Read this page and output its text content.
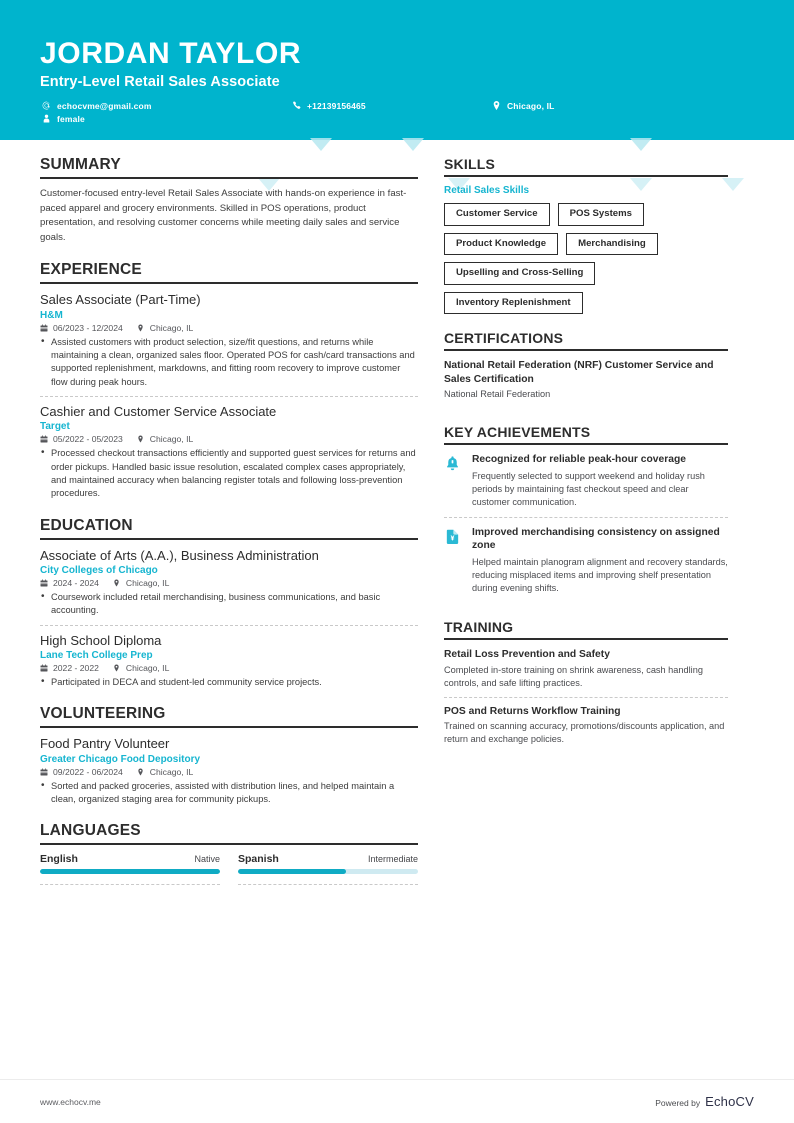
JORDAN TAYLOR
Entry-Level Retail Sales Associate
echocvme@gmail.com	+12139156465	Chicago, IL
female
SUMMARY
Customer-focused entry-level Retail Sales Associate with hands-on experience in fast-paced apparel and grocery environments. Skilled in POS operations, product presentation, and resolving customer concerns while meeting daily sales and service goals.
EXPERIENCE
Sales Associate (Part-Time)
H&M
06/2023 - 12/2024	Chicago, IL
• Assisted customers with product selection, size/fit questions, and returns while maintaining a clean, organized sales floor. Operated POS for cash/card transactions and supported replenishment, markdowns, and fitting room recovery to improve customer flow during peak hours.
Cashier and Customer Service Associate
Target
05/2022 - 05/2023	Chicago, IL
• Processed checkout transactions efficiently and supported guest services for returns and order pickups. Handled basic issue resolution, escalated complex cases appropriately, and maintained accuracy when balancing register totals and following loss-prevention procedures.
EDUCATION
Associate of Arts (A.A.), Business Administration
City Colleges of Chicago
2024 - 2024	Chicago, IL
• Coursework included retail merchandising, business communications, and basic accounting.
High School Diploma
Lane Tech College Prep
2022 - 2022	Chicago, IL
• Participated in DECA and student-led community service projects.
VOLUNTEERING
Food Pantry Volunteer
Greater Chicago Food Depository
09/2022 - 06/2024	Chicago, IL
• Sorted and packed groceries, assisted with distribution lines, and helped maintain a clean, organized staging area for community pickups.
LANGUAGES
English	Native Spanish	Intermediate
SKILLS
Retail Sales Skills
Customer Service	POS Systems
Product Knowledge	Merchandising
Upselling and Cross-Selling
Inventory Replenishment
CERTIFICATIONS
National Retail Federation (NRF) Customer Service and Sales Certification
National Retail Federation
KEY ACHIEVEMENTS
Recognized for reliable peak-hour coverage
Frequently selected to support weekend and holiday rush periods by maintaining fast checkout speed and clear customer communication.
Improved merchandising consistency on assigned zone
Helped maintain planogram alignment and recovery standards, reducing misplaced items and improving shelf presentation during evening shifts.
TRAINING
Retail Loss Prevention and Safety
Completed in-store training on shrink awareness, cash handling controls, and safe lifting practices.
POS and Returns Workflow Training
Trained on scanning accuracy, promotions/discounts application, and return and exchange policies.
www.echocv.me	Powered by EchoCV
